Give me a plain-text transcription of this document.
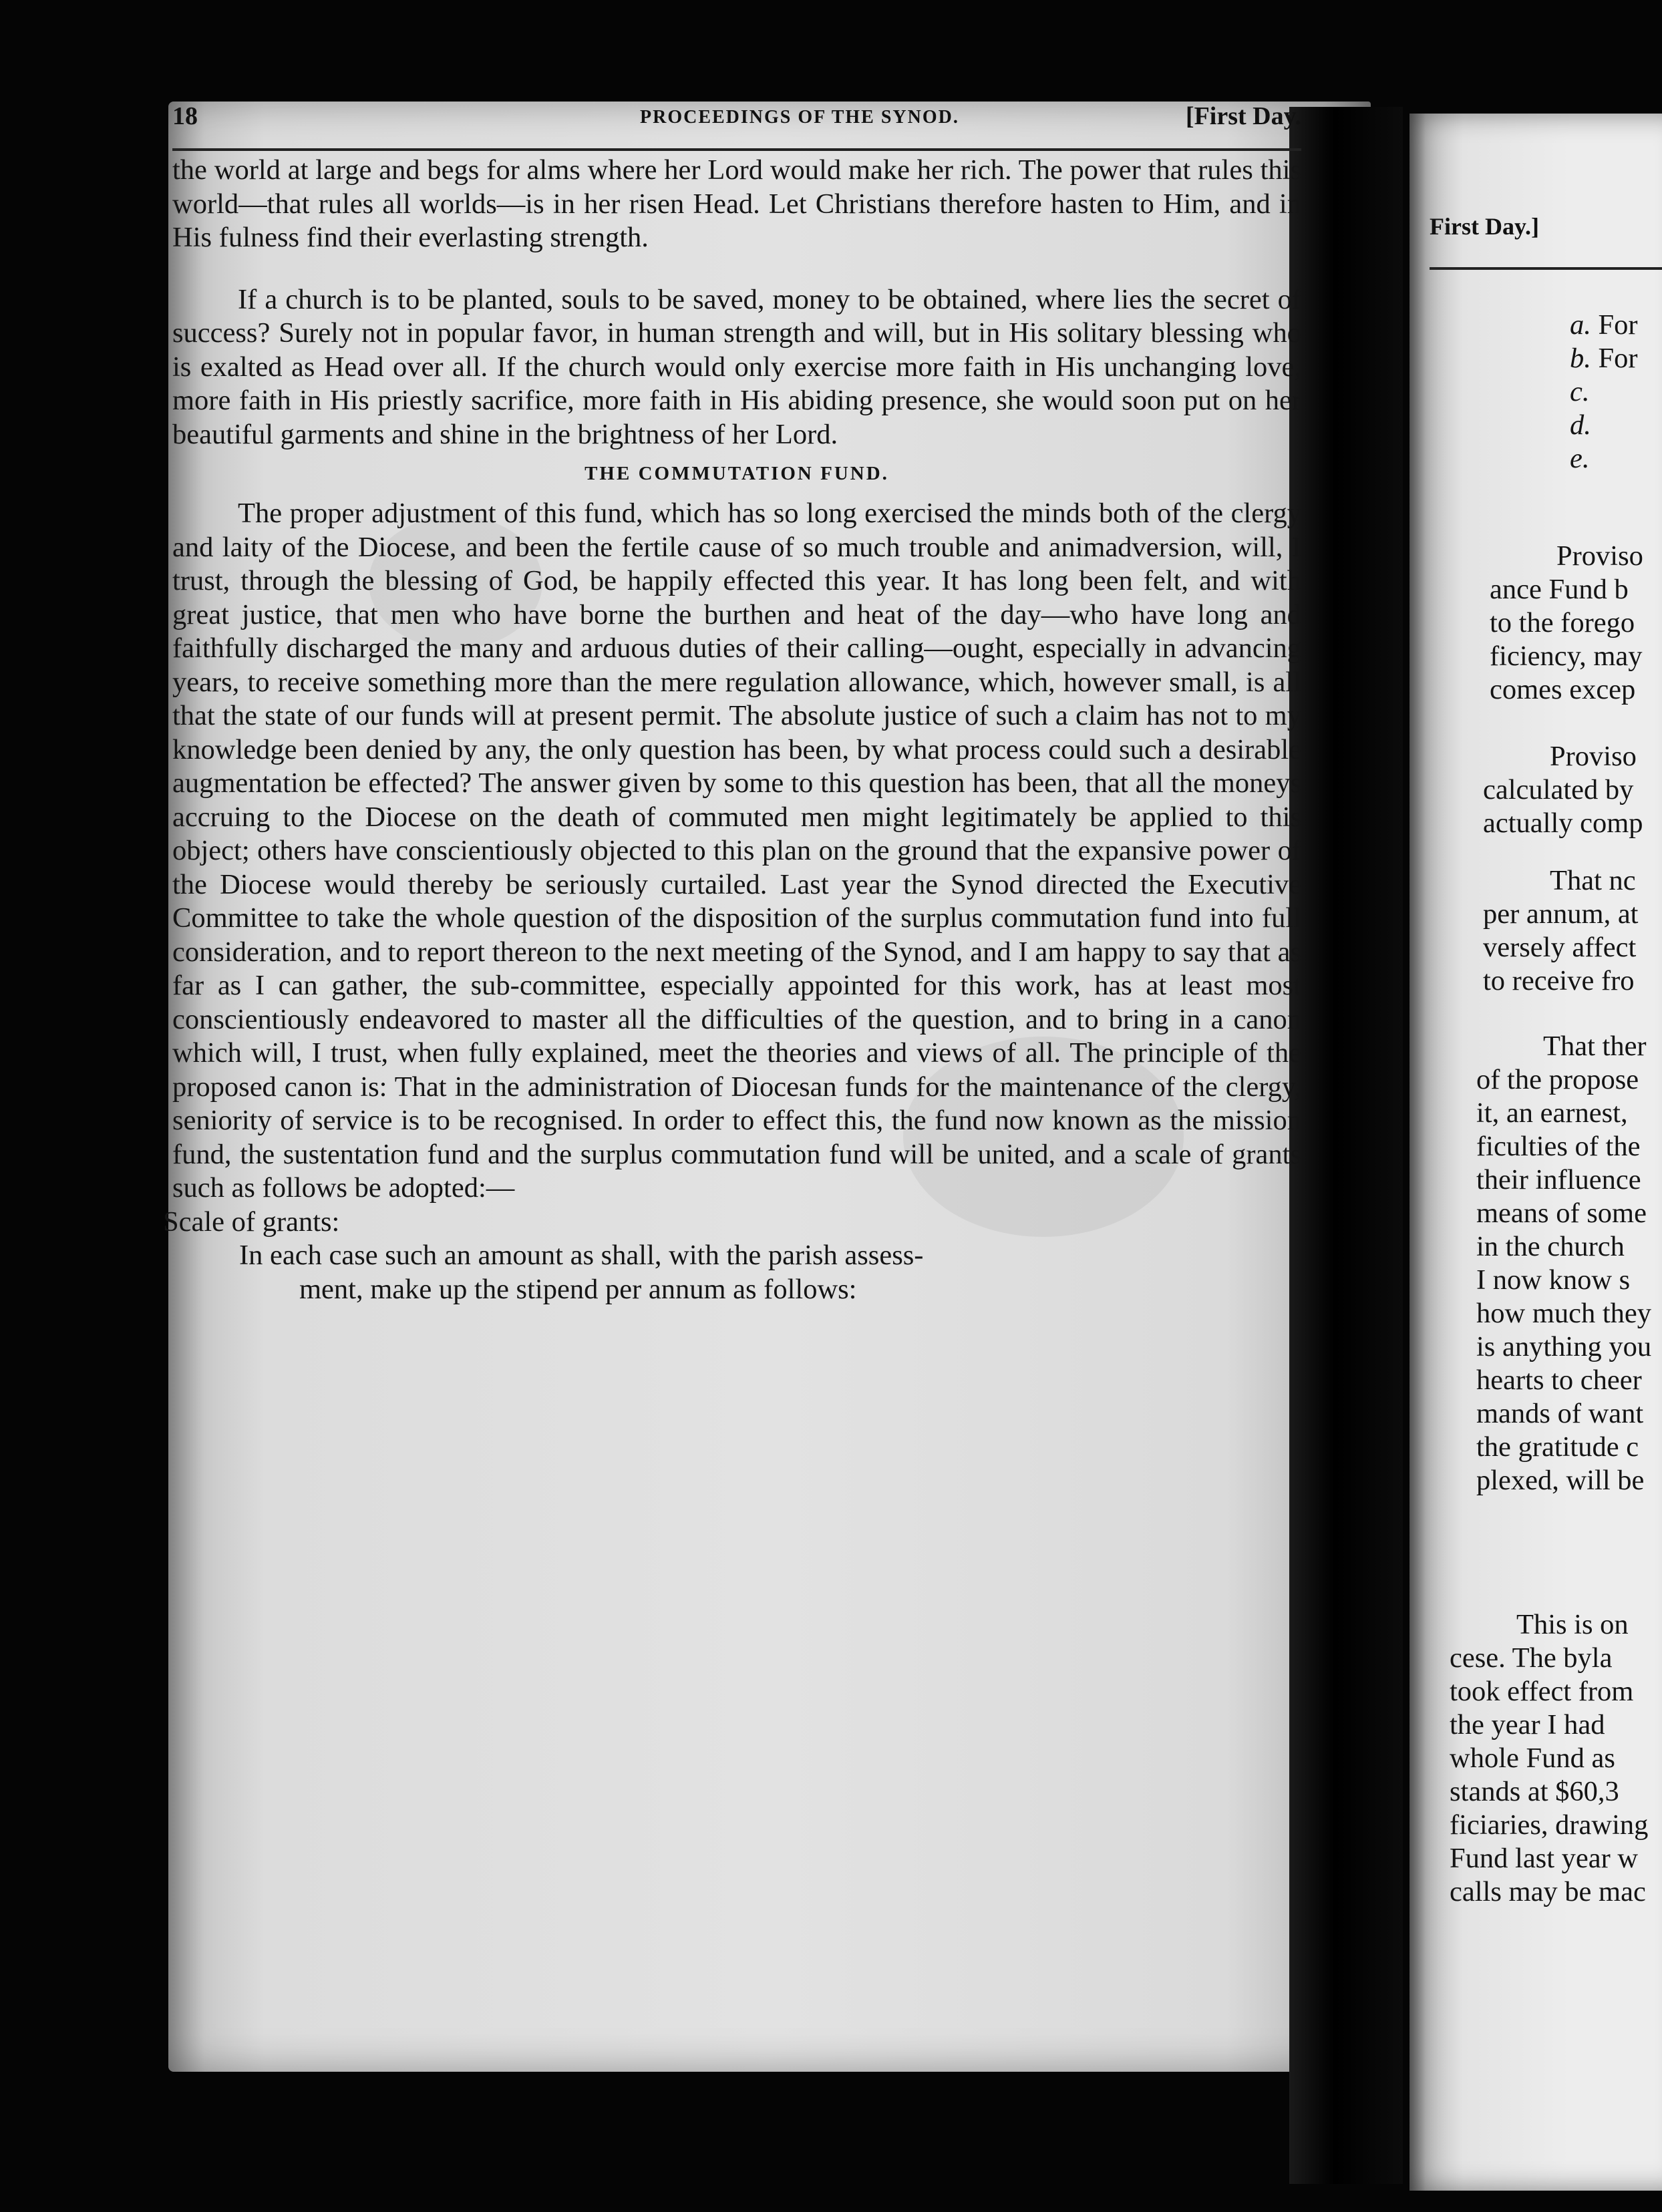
18	PROCEEDINGS OF THE SYNOD.	[First Day.

the world at large and begs for alms where her Lord would make her rich. The power that rules this world—that rules all worlds—is in her risen Head. Let Christians therefore hasten to Him, and in His fulness find their everlasting strength.

If a church is to be planted, souls to be saved, money to be obtained, where lies the secret of success? Surely not in popular favor, in human strength and will, but in His solitary blessing who is exalted as Head over all. If the church would only exercise more faith in His unchanging love, more faith in His priestly sacrifice, more faith in His abiding presence, she would soon put on her beautiful garments and shine in the brightness of her Lord.

THE COMMUTATION FUND.

The proper adjustment of this fund, which has so long exercised the minds both of the clergy and laity of the Diocese, and been the fertile cause of so much trouble and animadversion, will, I trust, through the blessing of God, be happily effected this year. It has long been felt, and with great justice, that men who have borne the burthen and heat of the day—who have long and faithfully discharged the many and arduous duties of their calling—ought, especially in advancing years, to receive something more than the mere regulation allowance, which, however small, is all that the state of our funds will at present permit. The absolute justice of such a claim has not to my knowledge been denied by any, the only question has been, by what process could such a desirable augmentation be effected? The answer given by some to this question has been, that all the moneys accruing to the Diocese on the death of commuted men might legitimately be applied to this object; others have conscientiously objected to this plan on the ground that the expansive power of the Diocese would thereby be seriously curtailed. Last year the Synod directed the Executive Committee to take the whole question of the disposition of the surplus commutation fund into full consideration, and to report thereon to the next meeting of the Synod, and I am happy to say that as far as I can gather, the sub-committee, especially appointed for this work, has at least most conscientiously endeavored to master all the difficulties of the question, and to bring in a canon which will, I trust, when fully explained, meet the theories and views of all. The principle of the proposed canon is: That in the administration of Diocesan funds for the maintenance of the clergy, seniority of service is to be recognised. In order to effect this, the fund now known as the mission fund, the sustentation fund and the surplus commutation fund will be united, and a scale of grants such as follows be adopted:—

Scale of grants:

In each case such an amount as shall, with the parish assess-

ment, make up the stipend per annum as follows:

First Day.]
a. For
b. For
c.
d.
e.
Proviso
ance Fund b
to the forego
ficiency, may
comes excep
Proviso
calculated by
actually comp
That nc
per annum, at
versely affect
to receive fro
That ther
of the propose
it, an earnest,
ficulties of the
their influence
means of some
in the church
I now know s
how much they
is anything you
hearts to cheer
mands of want
the gratitude c
plexed, will be
This is on
cese. The byla
took effect from
the year I had
whole Fund as
stands at $60,3
ficiaries, drawing
Fund last year w
calls may be mac
